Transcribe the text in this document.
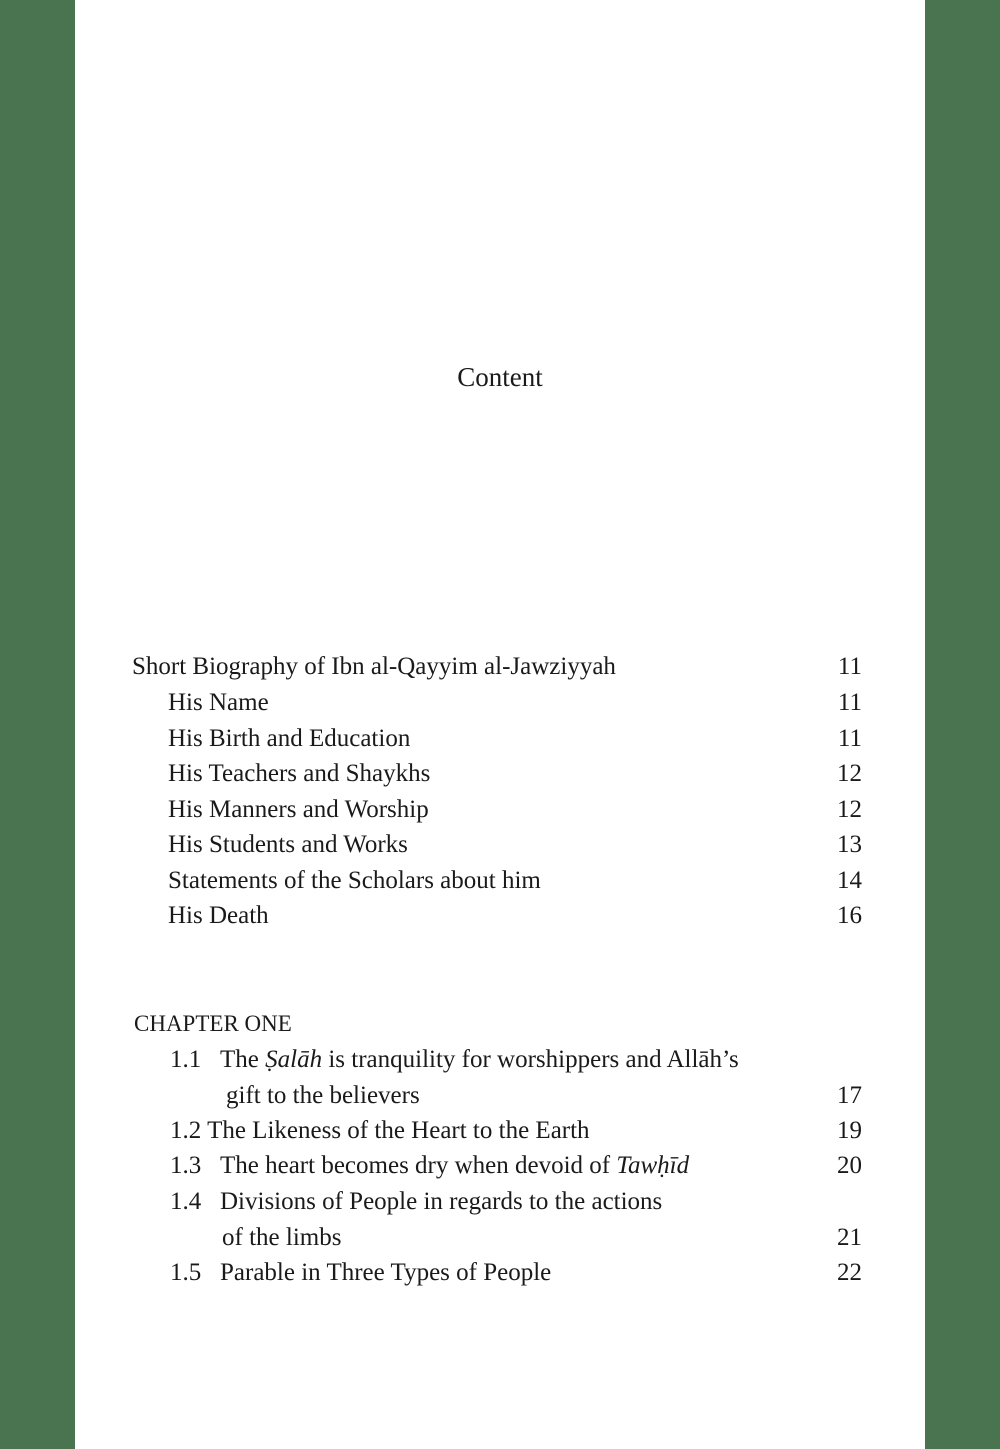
Content
Short Biography of Ibn al-Qayyim al-Jawziyyah	11
His Name	11
His Birth and Education	11
His Teachers and Shaykhs	12
His Manners and Worship	12
His Students and Works	13
Statements of the Scholars about him	14
His Death	16
CHAPTER ONE
1.1 The Ṣalāh is tranquility for worshippers and Allāh’s
gift to the believers	17
1.2 The Likeness of the Heart to the Earth	19
1.3 The heart becomes dry when devoid of Tawḥīd	20
1.4 Divisions of People in regards to the actions
of the limbs	21
1.5 Parable in Three Types of People	22
